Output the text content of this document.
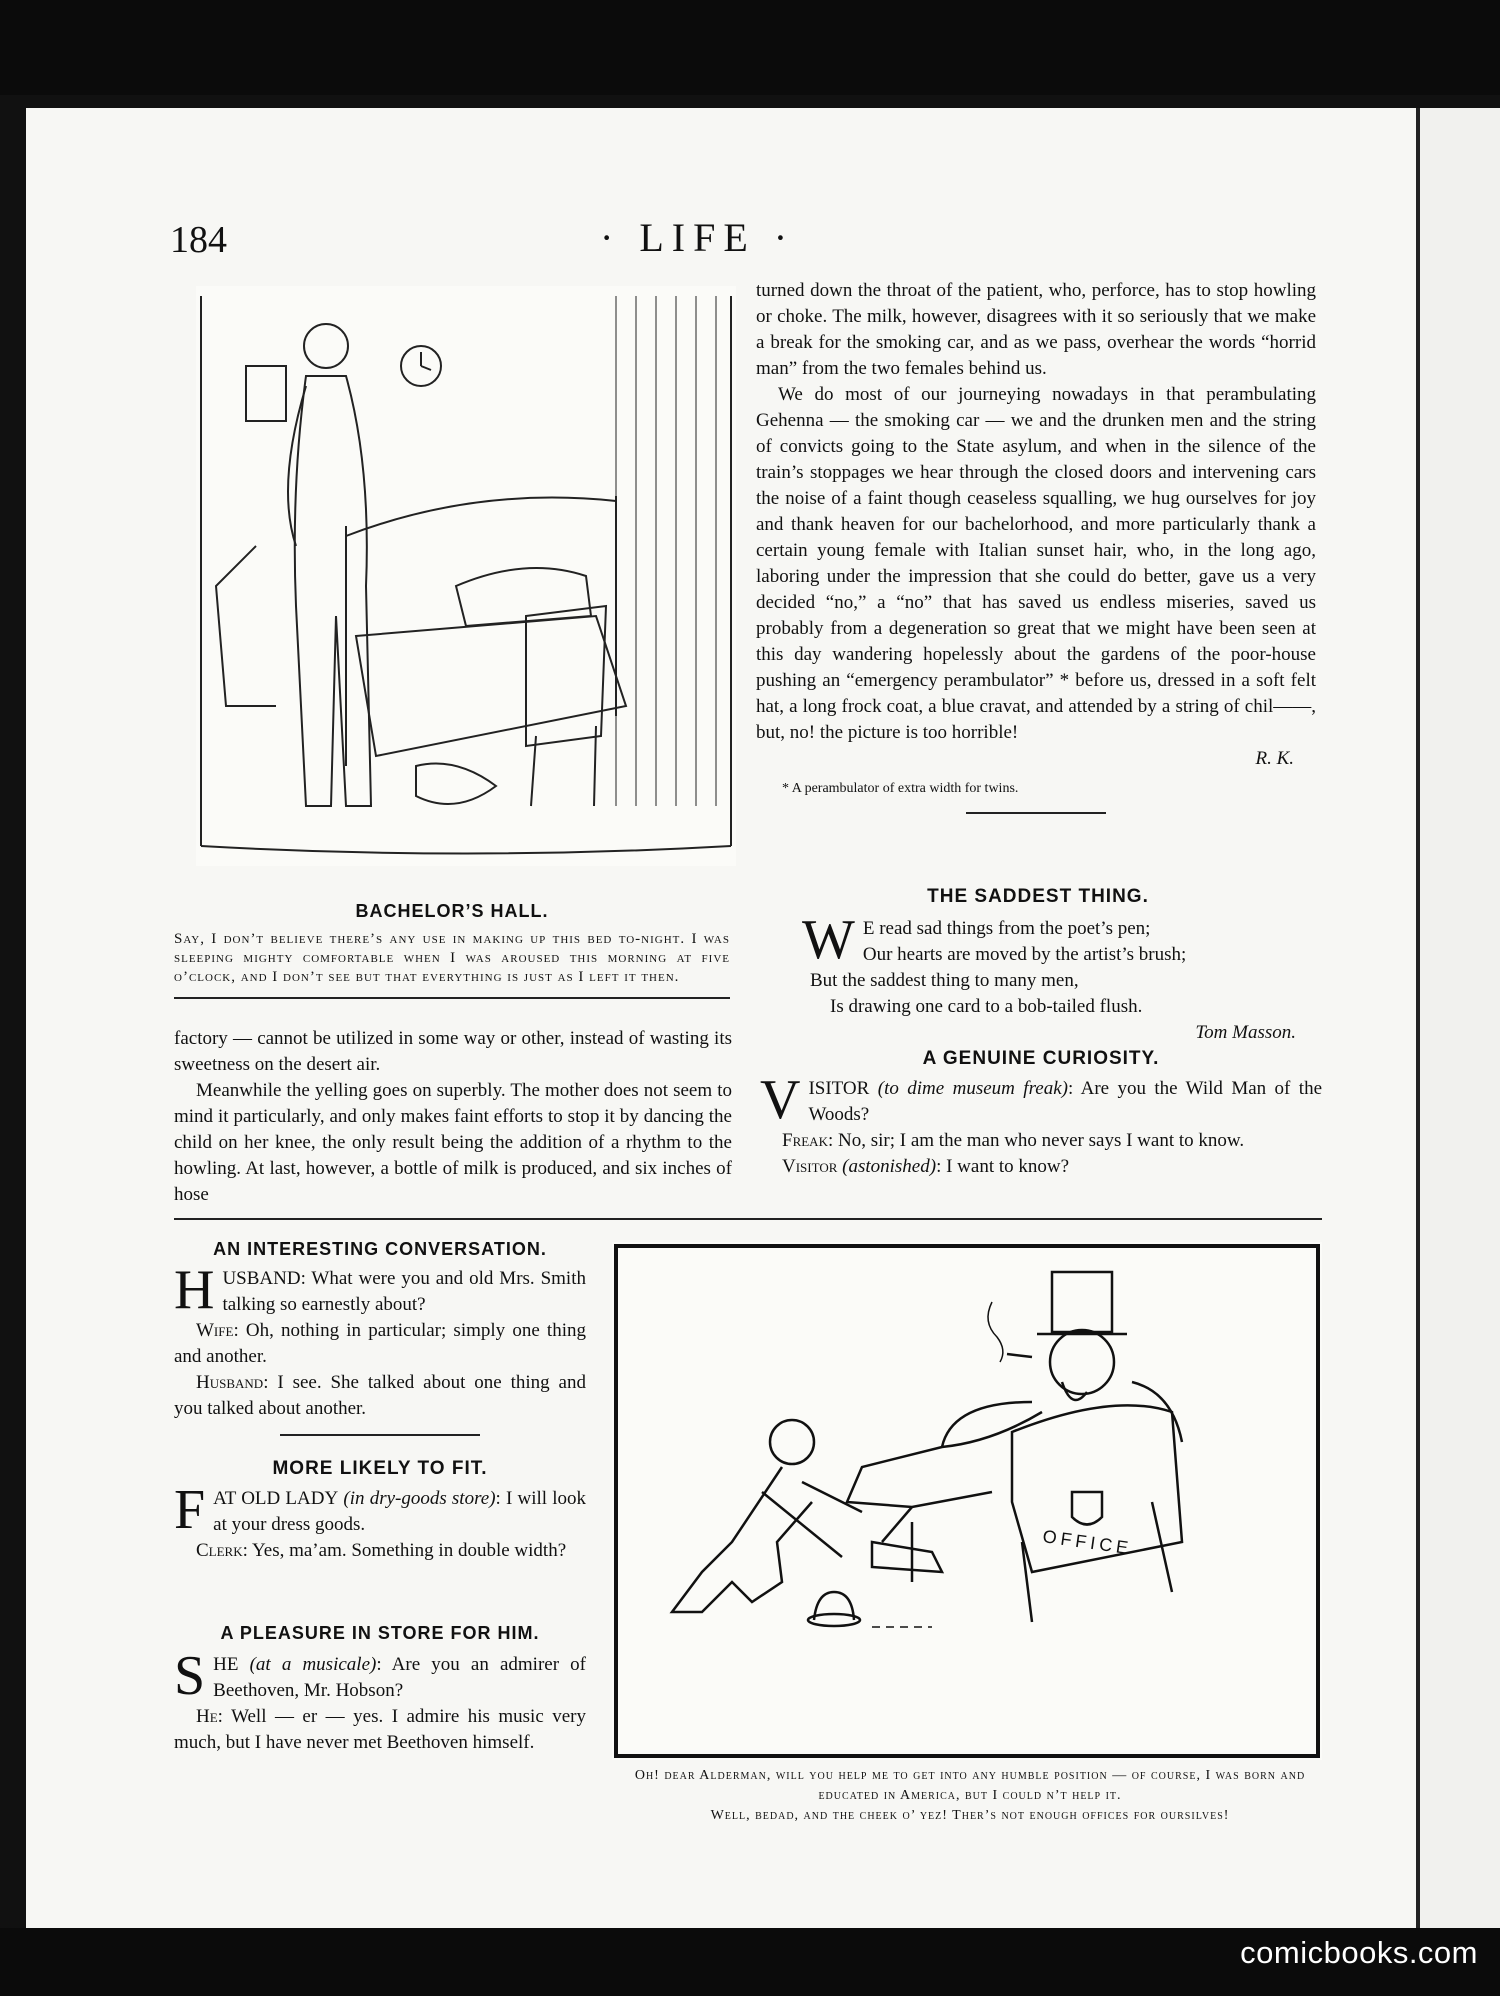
comicbooks.com
184	· LIFE ·
BACHELOR’S HALL.
Say, I don’t believe there’s any use in making up this bed to-night. I was sleeping mighty comfortable when I was aroused this morning at five o’clock, and I don’t see but that everything is just as I left it then.

factory — cannot be utilized in some way or other, instead of wasting its sweetness on the desert air.

Meanwhile the yelling goes on superbly. The mother does not seem to mind it particularly, and only makes faint efforts to stop it by dancing the child on her knee, the only result being the addition of a rhythm to the howling. At last, however, a bottle of milk is produced, and six inches of hose

turned down the throat of the patient, who, perforce, has to stop howling or choke. The milk, however, disagrees with it so seriously that we make a break for the smoking car, and as we pass, overhear the words “horrid man” from the two females behind us.

We do most of our journeying nowadays in that perambulating Gehenna — the smoking car — we and the drunken men and the string of convicts going to the State asylum, and when in the silence of the train’s stoppages we hear through the closed doors and intervening cars the noise of a faint though ceaseless squalling, we hug ourselves for joy and thank heaven for our bachelorhood, and more particularly thank a certain young female with Italian sunset hair, who, in the long ago, laboring under the impression that she could do better, gave us a very decided “no,” a “no” that has saved us endless miseries, saved us probably from a degeneration so great that we might have been seen at this day wandering hopelessly about the gardens of the poor-house pushing an “emergency perambulator” * before us, dressed in a soft felt hat, a long frock coat, a blue cravat, and attended by a string of chil——, but, no! the picture is too horrible!

R. K.

* A perambulator of extra width for twins.

THE SADDEST THING.
W E read sad things from the poet’s pen;
Our hearts are moved by the artist’s brush;
But the saddest thing to many men,
Is drawing one card to a bob-tailed flush.
Tom Masson.
A GENUINE CURIOSITY.
V ISITOR (to dime museum freak): Are you the Wild Man of the Woods?

Freak: No, sir; I am the man who never says I want to know.

Visitor (astonished): I want to know?

AN INTERESTING CONVERSATION.
H USBAND: What were you and old Mrs. Smith talking so earnestly about?

Wife: Oh, nothing in particular; simply one thing and another.

Husband: I see. She talked about one thing and you talked about another.

MORE LIKELY TO FIT.
F AT OLD LADY (in dry-goods store): I will look at your dress goods.

Clerk: Yes, ma’am. Something in double width?

A PLEASURE IN STORE FOR HIM.
S HE (at a musicale): Are you an admirer of Beethoven, Mr. Hobson?

He: Well — er — yes. I admire his music very much, but I have never met Beethoven himself.

OFFICE
Oh! dear Alderman, will you help me to get into any humble position — of course, I was born and educated in America, but I could n’t help it.
Well, bedad, and the cheek o’ yez! Ther’s not enough offices for oursilves!
